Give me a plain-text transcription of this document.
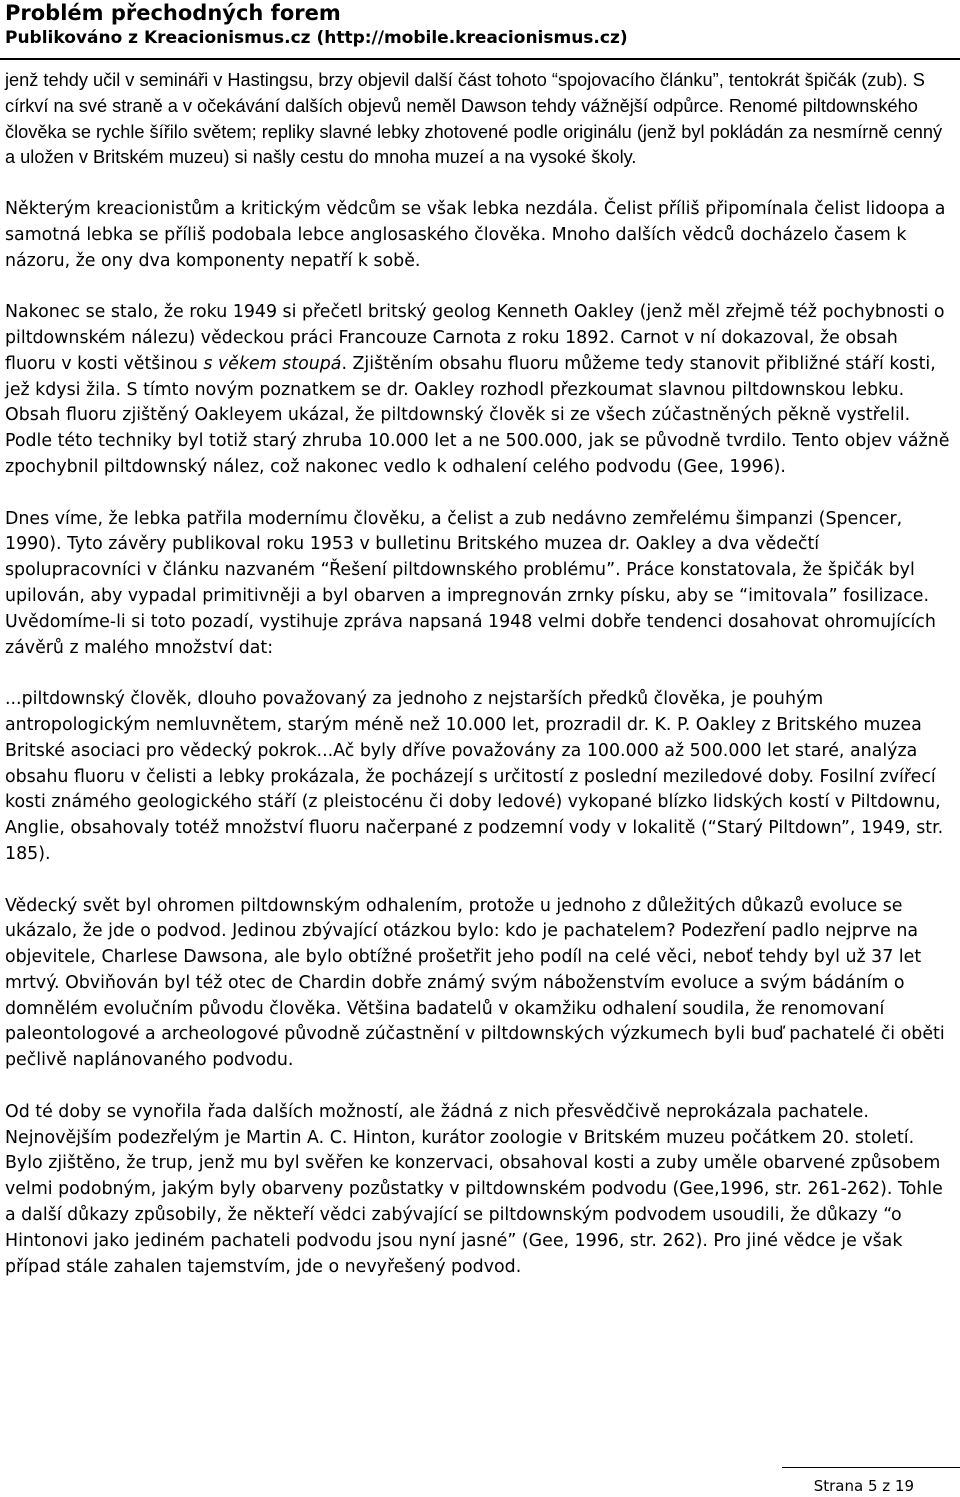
Problém přechodných forem
Publikováno z Kreacionismus.cz (http://mobile.kreacionismus.cz)

jenž tehdy učil v semináři v Hastingsu, brzy objevil další část tohoto “spojovacího článku”, tentokrát špičák (zub). S církví na své straně a v očekávání dalších objevů neměl Dawson tehdy vážnější odpůrce. Renomé piltdownského člověka se rychle šířilo světem; repliky slavné lebky zhotovené podle originálu (jenž byl pokládán za nesmírně cenný a uložen v Britském muzeu) si našly cestu do mnoha muzeí a na vysoké školy.

Některým kreacionistům a kritickým vědcům se však lebka nezdála. Čelist příliš připomínala čelist lidoopa a samotná lebka se příliš podobala lebce anglosaského člověka. Mnoho dalších vědců docházelo časem k názoru, že ony dva komponenty nepatří k sobě.

Nakonec se stalo, že roku 1949 si přečetl britský geolog Kenneth Oakley (jenž měl zřejmě též pochybnosti o piltdownském nálezu) vědeckou práci Francouze Carnota z roku 1892. Carnot v ní dokazoval, že obsah fluoru v kosti většinou s věkem stoupá. Zjištěním obsahu fluoru můžeme tedy stanovit přibližné stáří kosti, jež kdysi žila. S tímto novým poznatkem se dr. Oakley rozhodl přezkoumat slavnou piltdownskou lebku. Obsah fluoru zjištěný Oakleyem ukázal, že piltdownský člověk si ze všech zúčastněných pěkně vystřelil. Podle této techniky byl totiž starý zhruba 10.000 let a ne 500.000, jak se původně tvrdilo. Tento objev vážně zpochybnil piltdownský nález, což nakonec vedlo k odhalení celého podvodu (Gee, 1996).

Dnes víme, že lebka patřila modernímu člověku, a čelist a zub nedávno zemřelému šimpanzi (Spencer, 1990). Tyto závěry publikoval roku 1953 v bulletinu Britského muzea dr. Oakley a dva vědečtí spolupracovníci v článku nazvaném “Řešení piltdownského problému”. Práce konstatovala, že špičák byl upilován, aby vypadal primitivněji a byl obarven a impregnován zrnky písku, aby se “imitovala” fosilizace. Uvědomíme-li si toto pozadí, vystihuje zpráva napsaná 1948 velmi dobře tendenci dosahovat ohromujících závěrů z malého množství dat:

...piltdownský člověk, dlouho považovaný za jednoho z nejstarších předků člověka, je pouhým antropologickým nemluvnětem, starým méně než 10.000 let, prozradil dr. K. P. Oakley z Britského muzea Britské asociaci pro vědecký pokrok...Ač byly dříve považovány za 100.000 až 500.000 let staré, analýza obsahu fluoru v čelisti a lebky prokázala, že pocházejí s určitostí z poslední meziledové doby. Fosilní zvířecí kosti známého geologického stáří (z pleistocénu či doby ledové) vykopané blízko lidských kostí v Piltdownu, Anglie, obsahovaly totéž množství fluoru načerpané z podzemní vody v lokalitě (“Starý Piltdown”, 1949, str. 185).

Vědecký svět byl ohromen piltdownským odhalením, protože u jednoho z důležitých důkazů evoluce se ukázalo, že jde o podvod. Jedinou zbývající otázkou bylo: kdo je pachatelem? Podezření padlo nejprve na objevitele, Charlese Dawsona, ale bylo obtížné prošetřit jeho podíl na celé věci, neboť tehdy byl už 37 let mrtvý. Obviňován byl též otec de Chardin dobře známý svým náboženstvím evoluce a svým bádáním o domnělém evolučním původu člověka. Většina badatelů v okamžiku odhalení soudila, že renomovaní paleontologové a archeologové původně zúčastnění v piltdownských výzkumech byli buď pachatelé či oběti pečlivě naplánovaného podvodu.

Od té doby se vynořila řada dalších možností, ale žádná z nich přesvědčivě neprokázala pachatele. Nejnovějším podezřelým je Martin A. C. Hinton, kurátor zoologie v Britském muzeu počátkem 20. století. Bylo zjištěno, že trup, jenž mu byl svěřen ke konzervaci, obsahoval kosti a zuby uměle obarvené způsobem velmi podobným, jakým byly obarveny pozůstatky v piltdownském podvodu (Gee,1996, str. 261-262). Tohle a další důkazy způsobily, že někteří vědci zabývající se piltdownským podvodem usoudili, že důkazy “o Hintonovi jako jediném pachateli podvodu jsou nyní jasné” (Gee, 1996, str. 262). Pro jiné vědce je však případ stále zahalen tajemstvím, jde o nevyřešený podvod.

Strana 5 z 19
